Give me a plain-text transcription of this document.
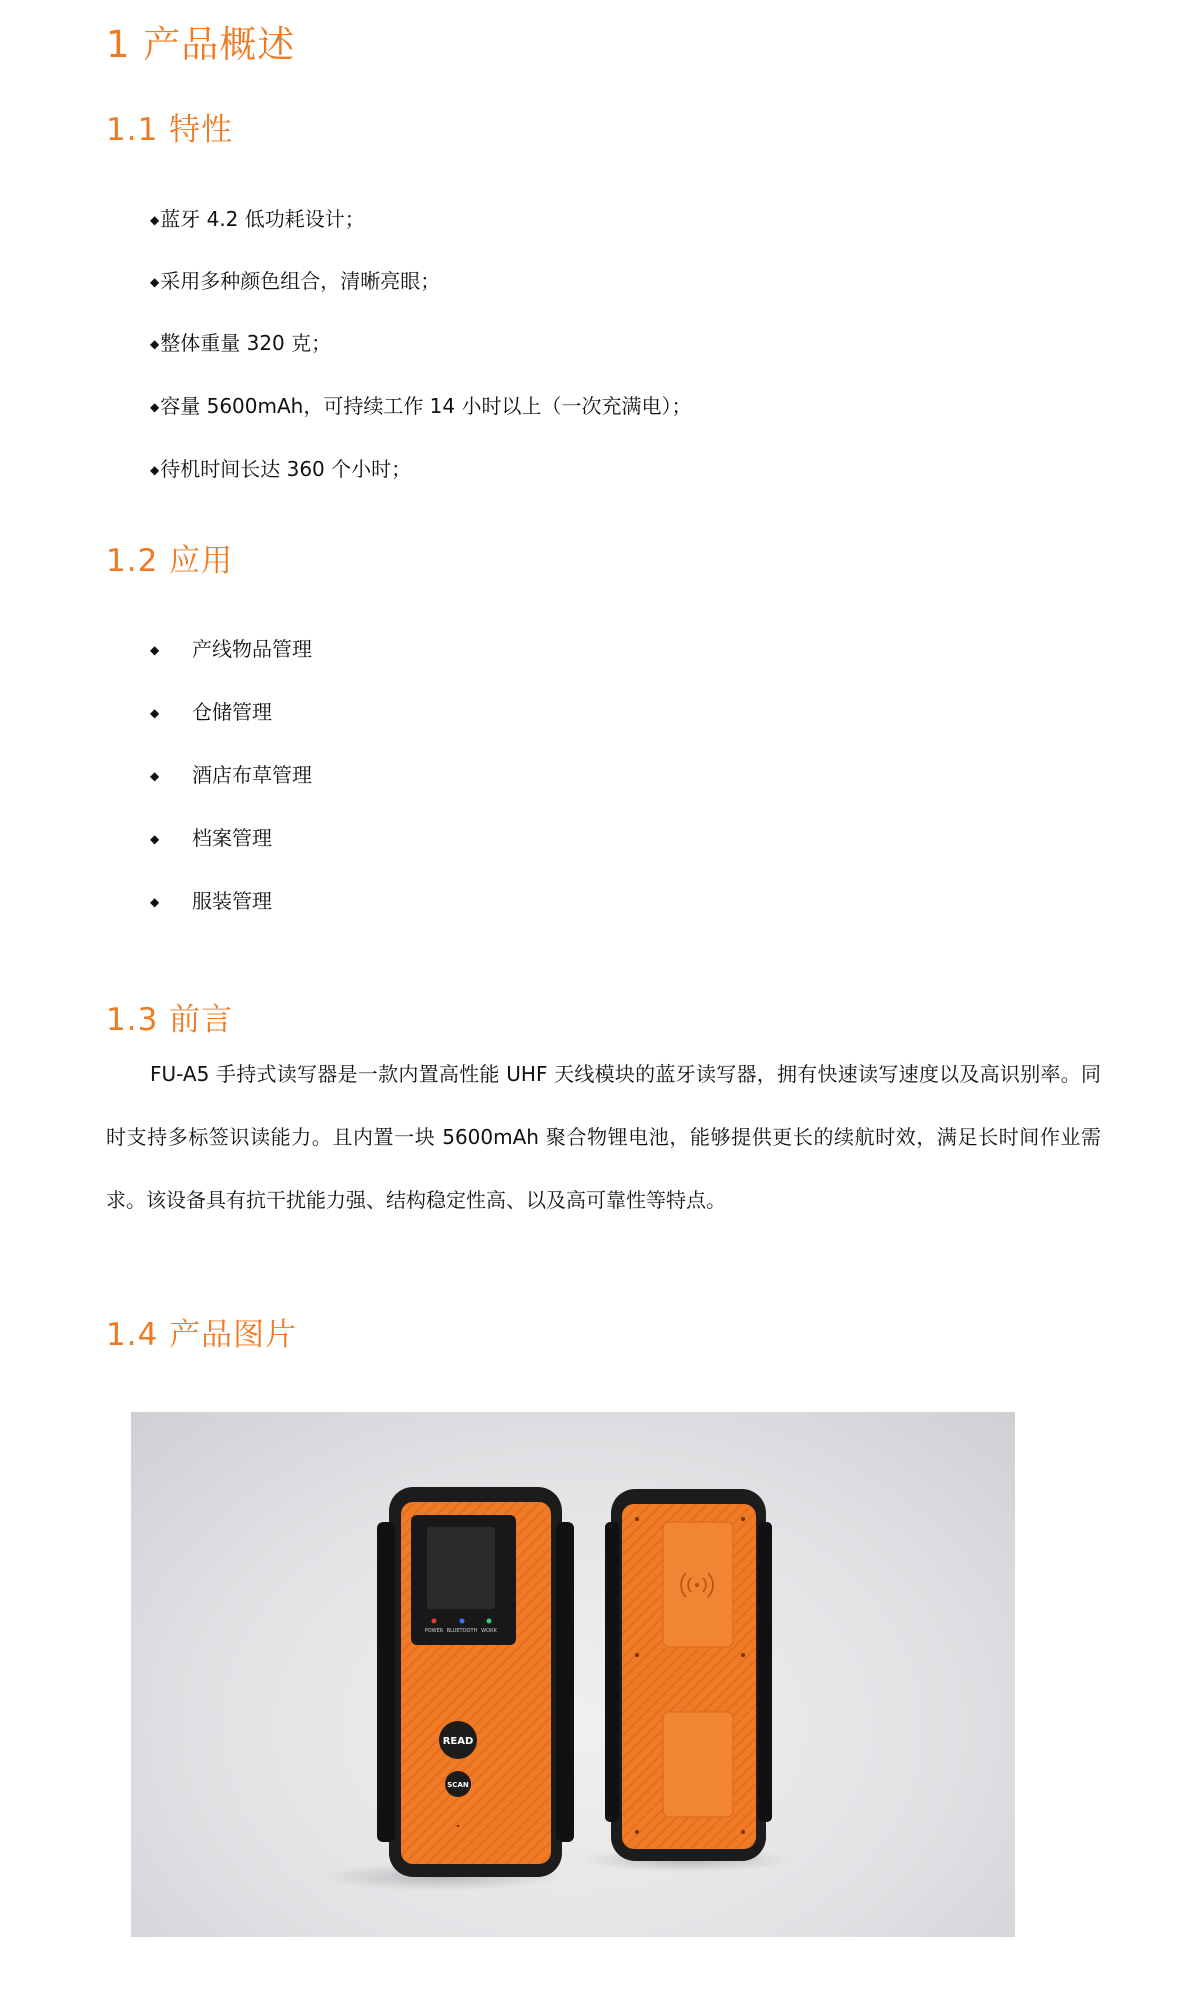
1 产品概述
1.1 特性
◆蓝牙 4.2 低功耗设计；
◆采用多种颜色组合，清晰亮眼；
◆整体重量 320 克；
◆容量 5600mAh，可持续工作 14 小时以上（一次充满电）；
◆待机时间长达 360 个小时；
1.2 应用
◆ 产线物品管理
◆ 仓储管理
◆ 酒店布草管理
◆ 档案管理
◆ 服装管理
1.3 前言

FU-A5 手持式读写器是一款内置高性能 UHF 天线模块的蓝牙读写器，拥有快速读写速度以及高识别率。同时支持多标签识读能力。且内置一块 5600mAh 聚合物锂电池，能够提供更长的续航时效，满足长时间作业需求。该设备具有抗干扰能力强、结构稳定性高、以及高可靠性等特点。

1.4 产品图片
POWER BLUETOOTH WORK
READ
SCAN
